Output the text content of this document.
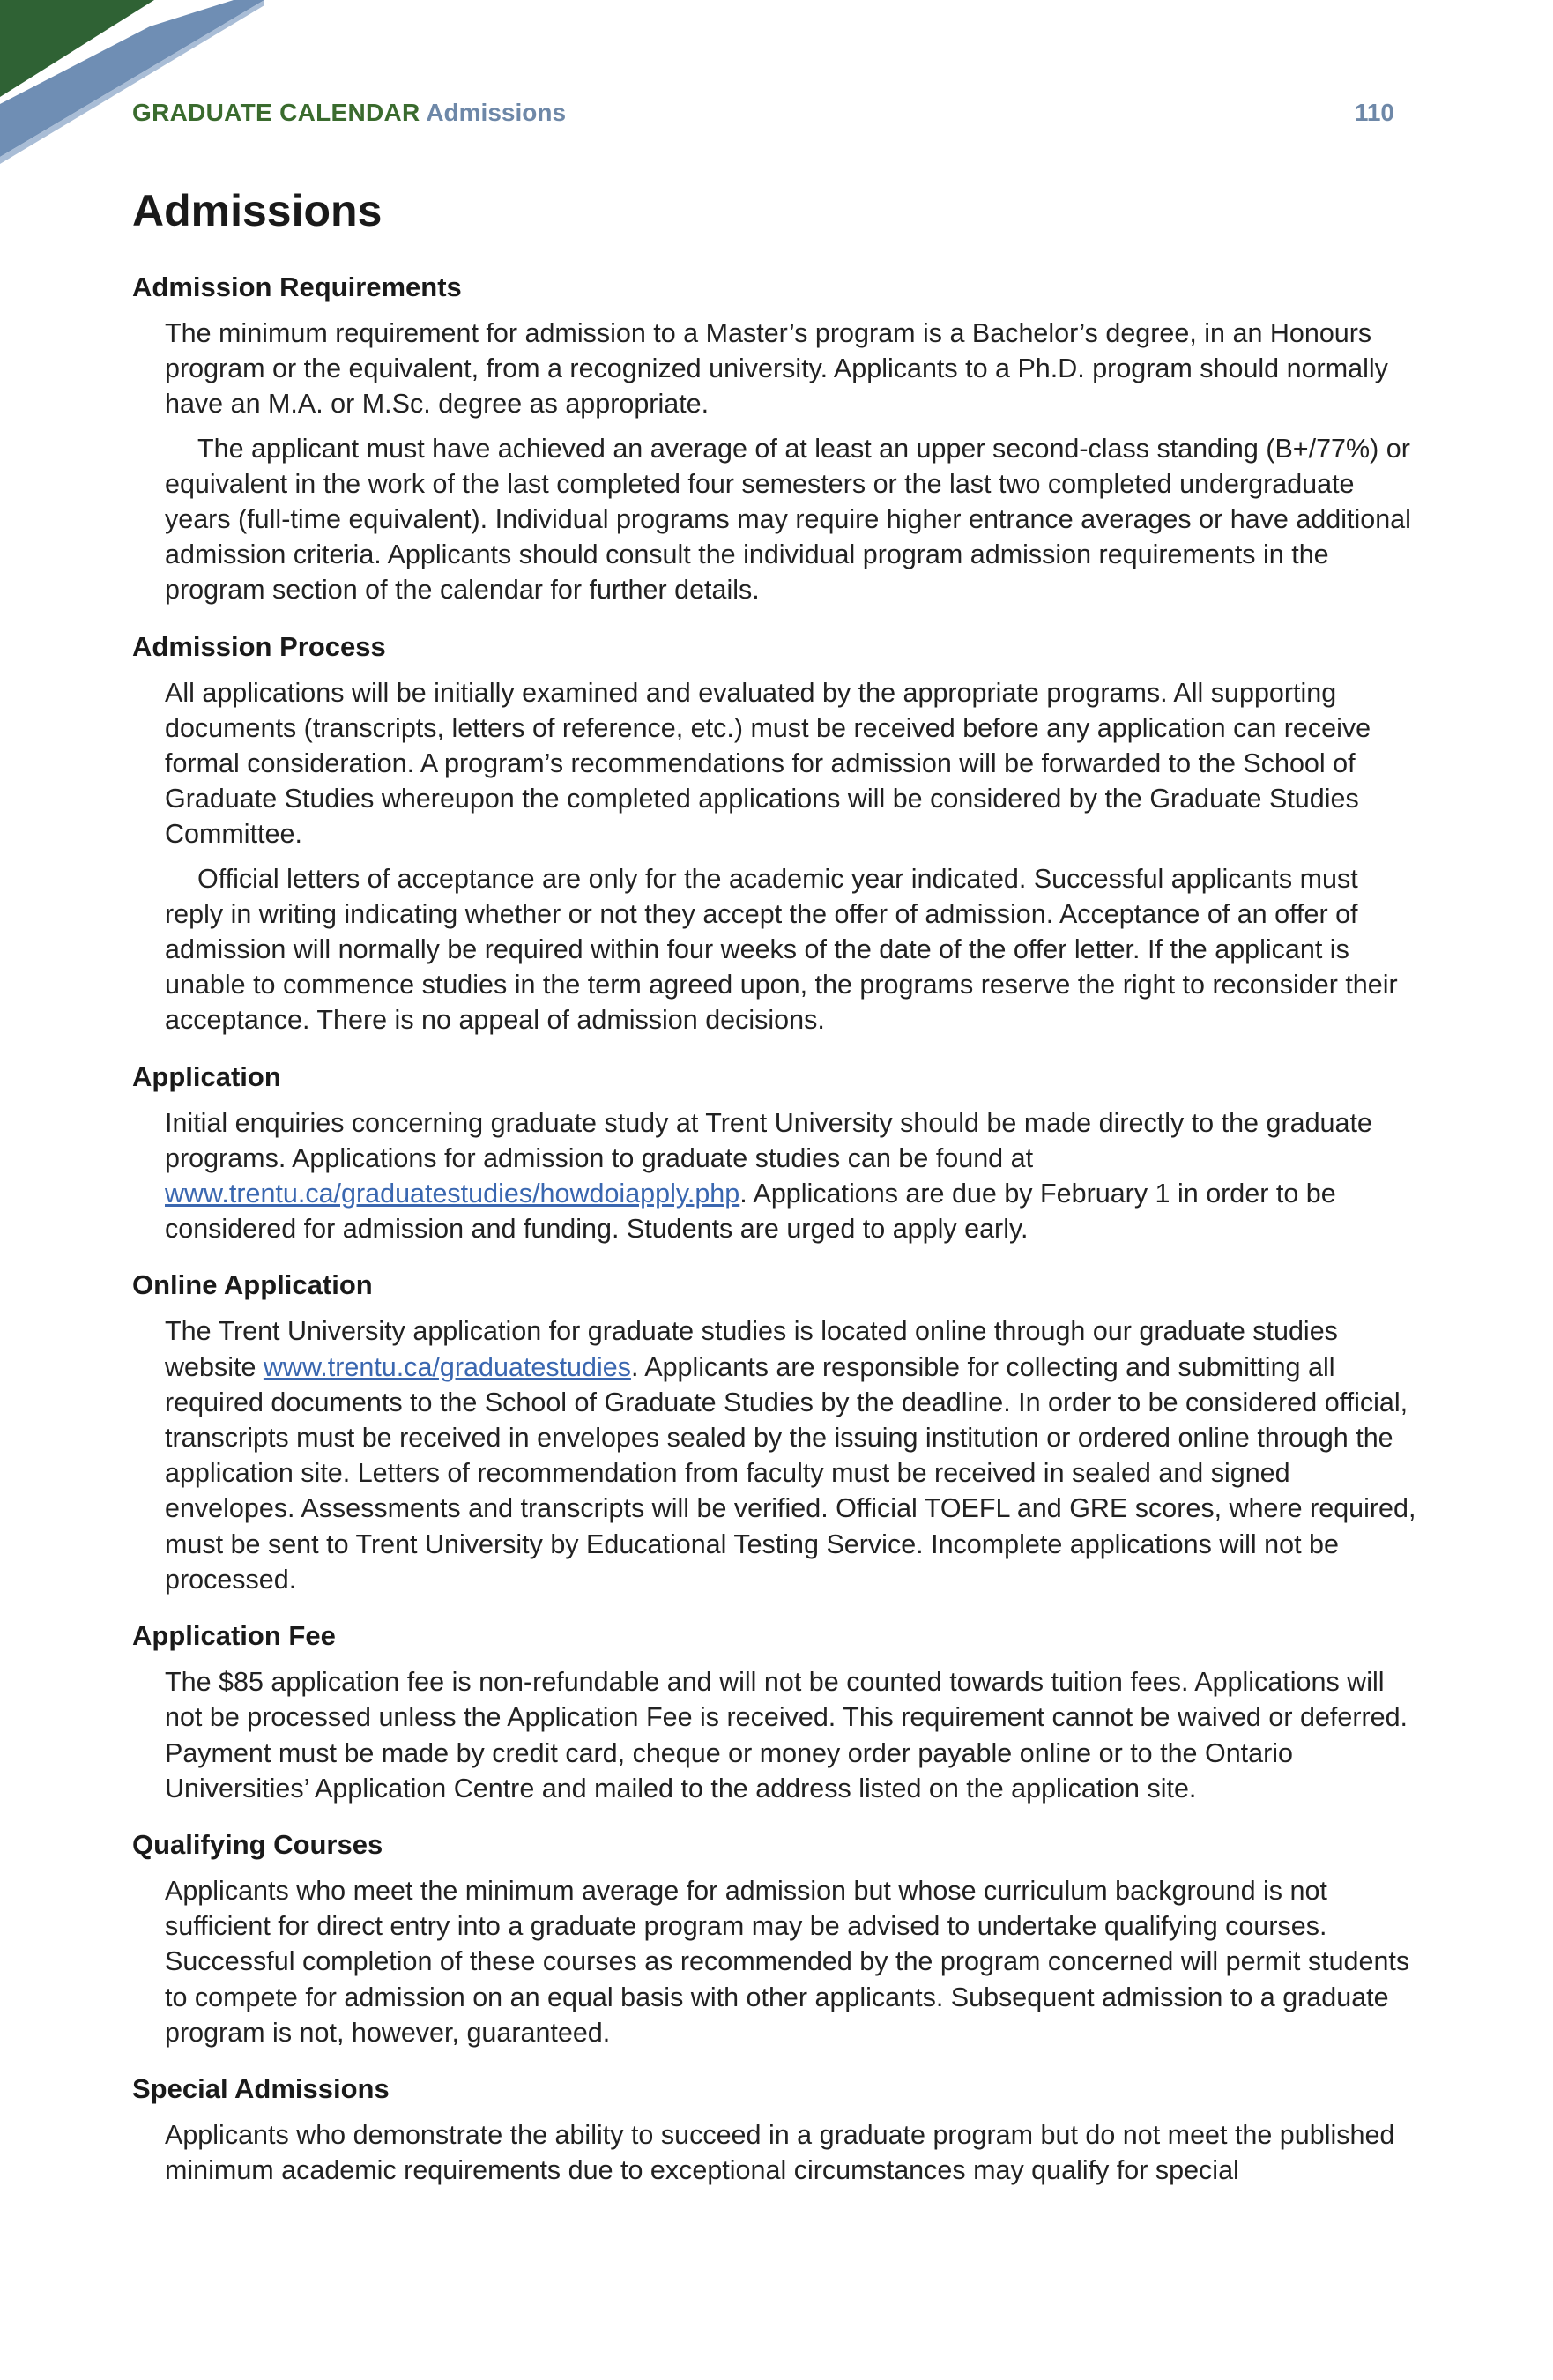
GRADUATE CALENDAR Admissions	110
Admissions
Admission Requirements

The minimum requirement for admission to a Master’s program is a Bachelor’s degree, in an Honours program or the equivalent, from a recognized university. Applicants to a Ph.D. program should normally have an M.A. or M.Sc. degree as appropriate.

The applicant must have achieved an average of at least an upper second-class standing (B+/77%) or equivalent in the work of the last completed four semesters or the last two completed undergraduate years (full-time equivalent). Individual programs may require higher entrance averages or have additional admission criteria. Applicants should consult the individual program admission requirements in the program section of the calendar for further details.

Admission Process

All applications will be initially examined and evaluated by the appropriate programs. All supporting documents (transcripts, letters of reference, etc.) must be received before any application can receive formal consideration. A program’s recommendations for admission will be forwarded to the School of Graduate Studies whereupon the completed applications will be considered by the Graduate Studies Committee.

Official letters of acceptance are only for the academic year indicated. Successful applicants must reply in writing indicating whether or not they accept the offer of admission. Acceptance of an offer of admission will normally be required within four weeks of the date of the offer letter. If the applicant is unable to commence studies in the term agreed upon, the programs reserve the right to reconsider their acceptance. There is no appeal of admission decisions.

Application

Initial enquiries concerning graduate study at Trent University should be made directly to the graduate programs. Applications for admission to graduate studies can be found at www.trentu.ca/graduatestudies/howdoiapply.php. Applications are due by February 1 in order to be considered for admission and funding. Students are urged to apply early.

Online Application

The Trent University application for graduate studies is located online through our graduate studies website www.trentu.ca/graduatestudies. Applicants are responsible for collecting and submitting all required documents to the School of Graduate Studies by the deadline. In order to be considered official, transcripts must be received in envelopes sealed by the issuing institution or ordered online through the application site. Letters of recommendation from faculty must be received in sealed and signed envelopes. Assessments and transcripts will be verified. Official TOEFL and GRE scores, where required, must be sent to Trent University by Educational Testing Service. Incomplete applications will not be processed.

Application Fee

The $85 application fee is non-refundable and will not be counted towards tuition fees. Applications will not be processed unless the Application Fee is received. This requirement cannot be waived or deferred. Payment must be made by credit card, cheque or money order payable online or to the Ontario Universities’ Application Centre and mailed to the address listed on the application site.

Qualifying Courses

Applicants who meet the minimum average for admission but whose curriculum background is not sufficient for direct entry into a graduate program may be advised to undertake qualifying courses. Successful completion of these courses as recommended by the program concerned will permit students to compete for admission on an equal basis with other applicants. Subsequent admission to a graduate program is not, however, guaranteed.

Special Admissions

Applicants who demonstrate the ability to succeed in a graduate program but do not meet the published minimum academic requirements due to exceptional circumstances may qualify for special
